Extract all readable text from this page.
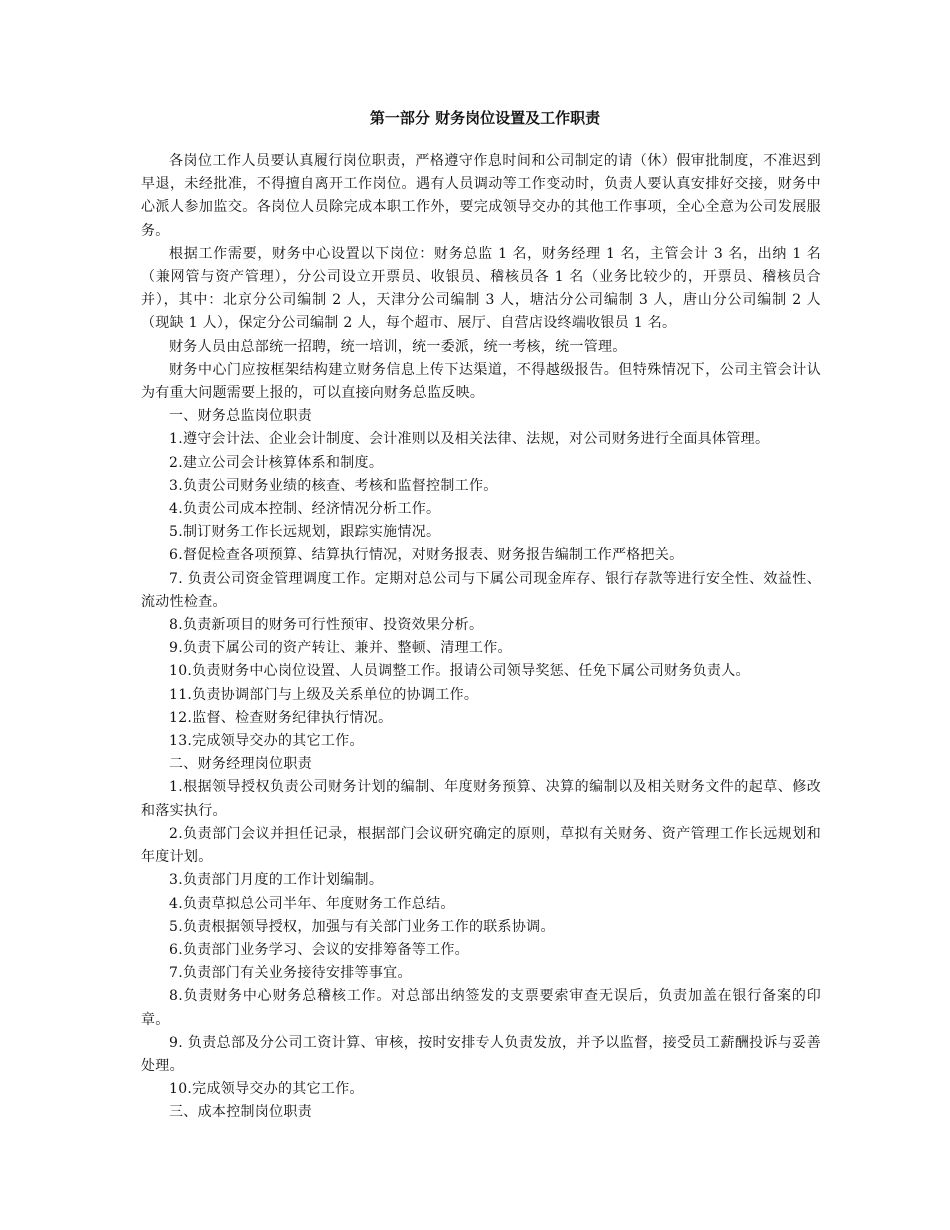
第一部分 财务岗位设置及工作职责

各岗位工作人员要认真履行岗位职责，严格遵守作息时间和公司制定的请（休）假审批制度，不准迟到早退，未经批准，不得擅自离开工作岗位。遇有人员调动等工作变动时，负责人要认真安排好交接，财务中心派人参加监交。各岗位人员除完成本职工作外，要完成领导交办的其他工作事项，全心全意为公司发展服务。

根据工作需要，财务中心设置以下岗位：财务总监 1 名，财务经理 1 名，主管会计 3 名，出纳 1 名（兼网管与资产管理），分公司设立开票员、收银员、稽核员各 1 名（业务比较少的，开票员、稽核员合并），其中：北京分公司编制 2 人，天津分公司编制 3 人，塘沽分公司编制 3 人，唐山分公司编制 2 人（现缺 1 人），保定分公司编制 2 人，每个超市、展厅、自营店设终端收银员 1 名。

财务人员由总部统一招聘，统一培训，统一委派，统一考核，统一管理。

财务中心门应按框架结构建立财务信息上传下达渠道，不得越级报告。但特殊情况下，公司主管会计认为有重大问题需要上报的，可以直接向财务总监反映。

一、财务总监岗位职责

1.遵守会计法、企业会计制度、会计准则以及相关法律、法规，对公司财务进行全面具体管理。

2.建立公司会计核算体系和制度。

3.负责公司财务业绩的核查、考核和监督控制工作。

4.负责公司成本控制、经济情况分析工作。

5.制订财务工作长远规划，跟踪实施情况。

6.督促检查各项预算、结算执行情况，对财务报表、财务报告编制工作严格把关。

7. 负责公司资金管理调度工作。定期对总公司与下属公司现金库存、银行存款等进行安全性、效益性、流动性检查。

8.负责新项目的财务可行性预审、投资效果分析。

9.负责下属公司的资产转让、兼并、整顿、清理工作。

10.负责财务中心岗位设置、人员调整工作。报请公司领导奖惩、任免下属公司财务负责人。

11.负责协调部门与上级及关系单位的协调工作。

12.监督、检查财务纪律执行情况。

13.完成领导交办的其它工作。

二、财务经理岗位职责

1.根据领导授权负责公司财务计划的编制、年度财务预算、决算的编制以及相关财务文件的起草、修改和落实执行。

2.负责部门会议并担任记录，根据部门会议研究确定的原则，草拟有关财务、资产管理工作长远规划和年度计划。

3.负责部门月度的工作计划编制。

4.负责草拟总公司半年、年度财务工作总结。

5.负责根据领导授权，加强与有关部门业务工作的联系协调。

6.负责部门业务学习、会议的安排筹备等工作。

7.负责部门有关业务接待安排等事宜。

8.负责财务中心财务总稽核工作。对总部出纳签发的支票要索审查无误后，负责加盖在银行备案的印章。

9. 负责总部及分公司工资计算、审核，按时安排专人负责发放，并予以监督，接受员工薪酬投诉与妥善处理。

10.完成领导交办的其它工作。

三、成本控制岗位职责
